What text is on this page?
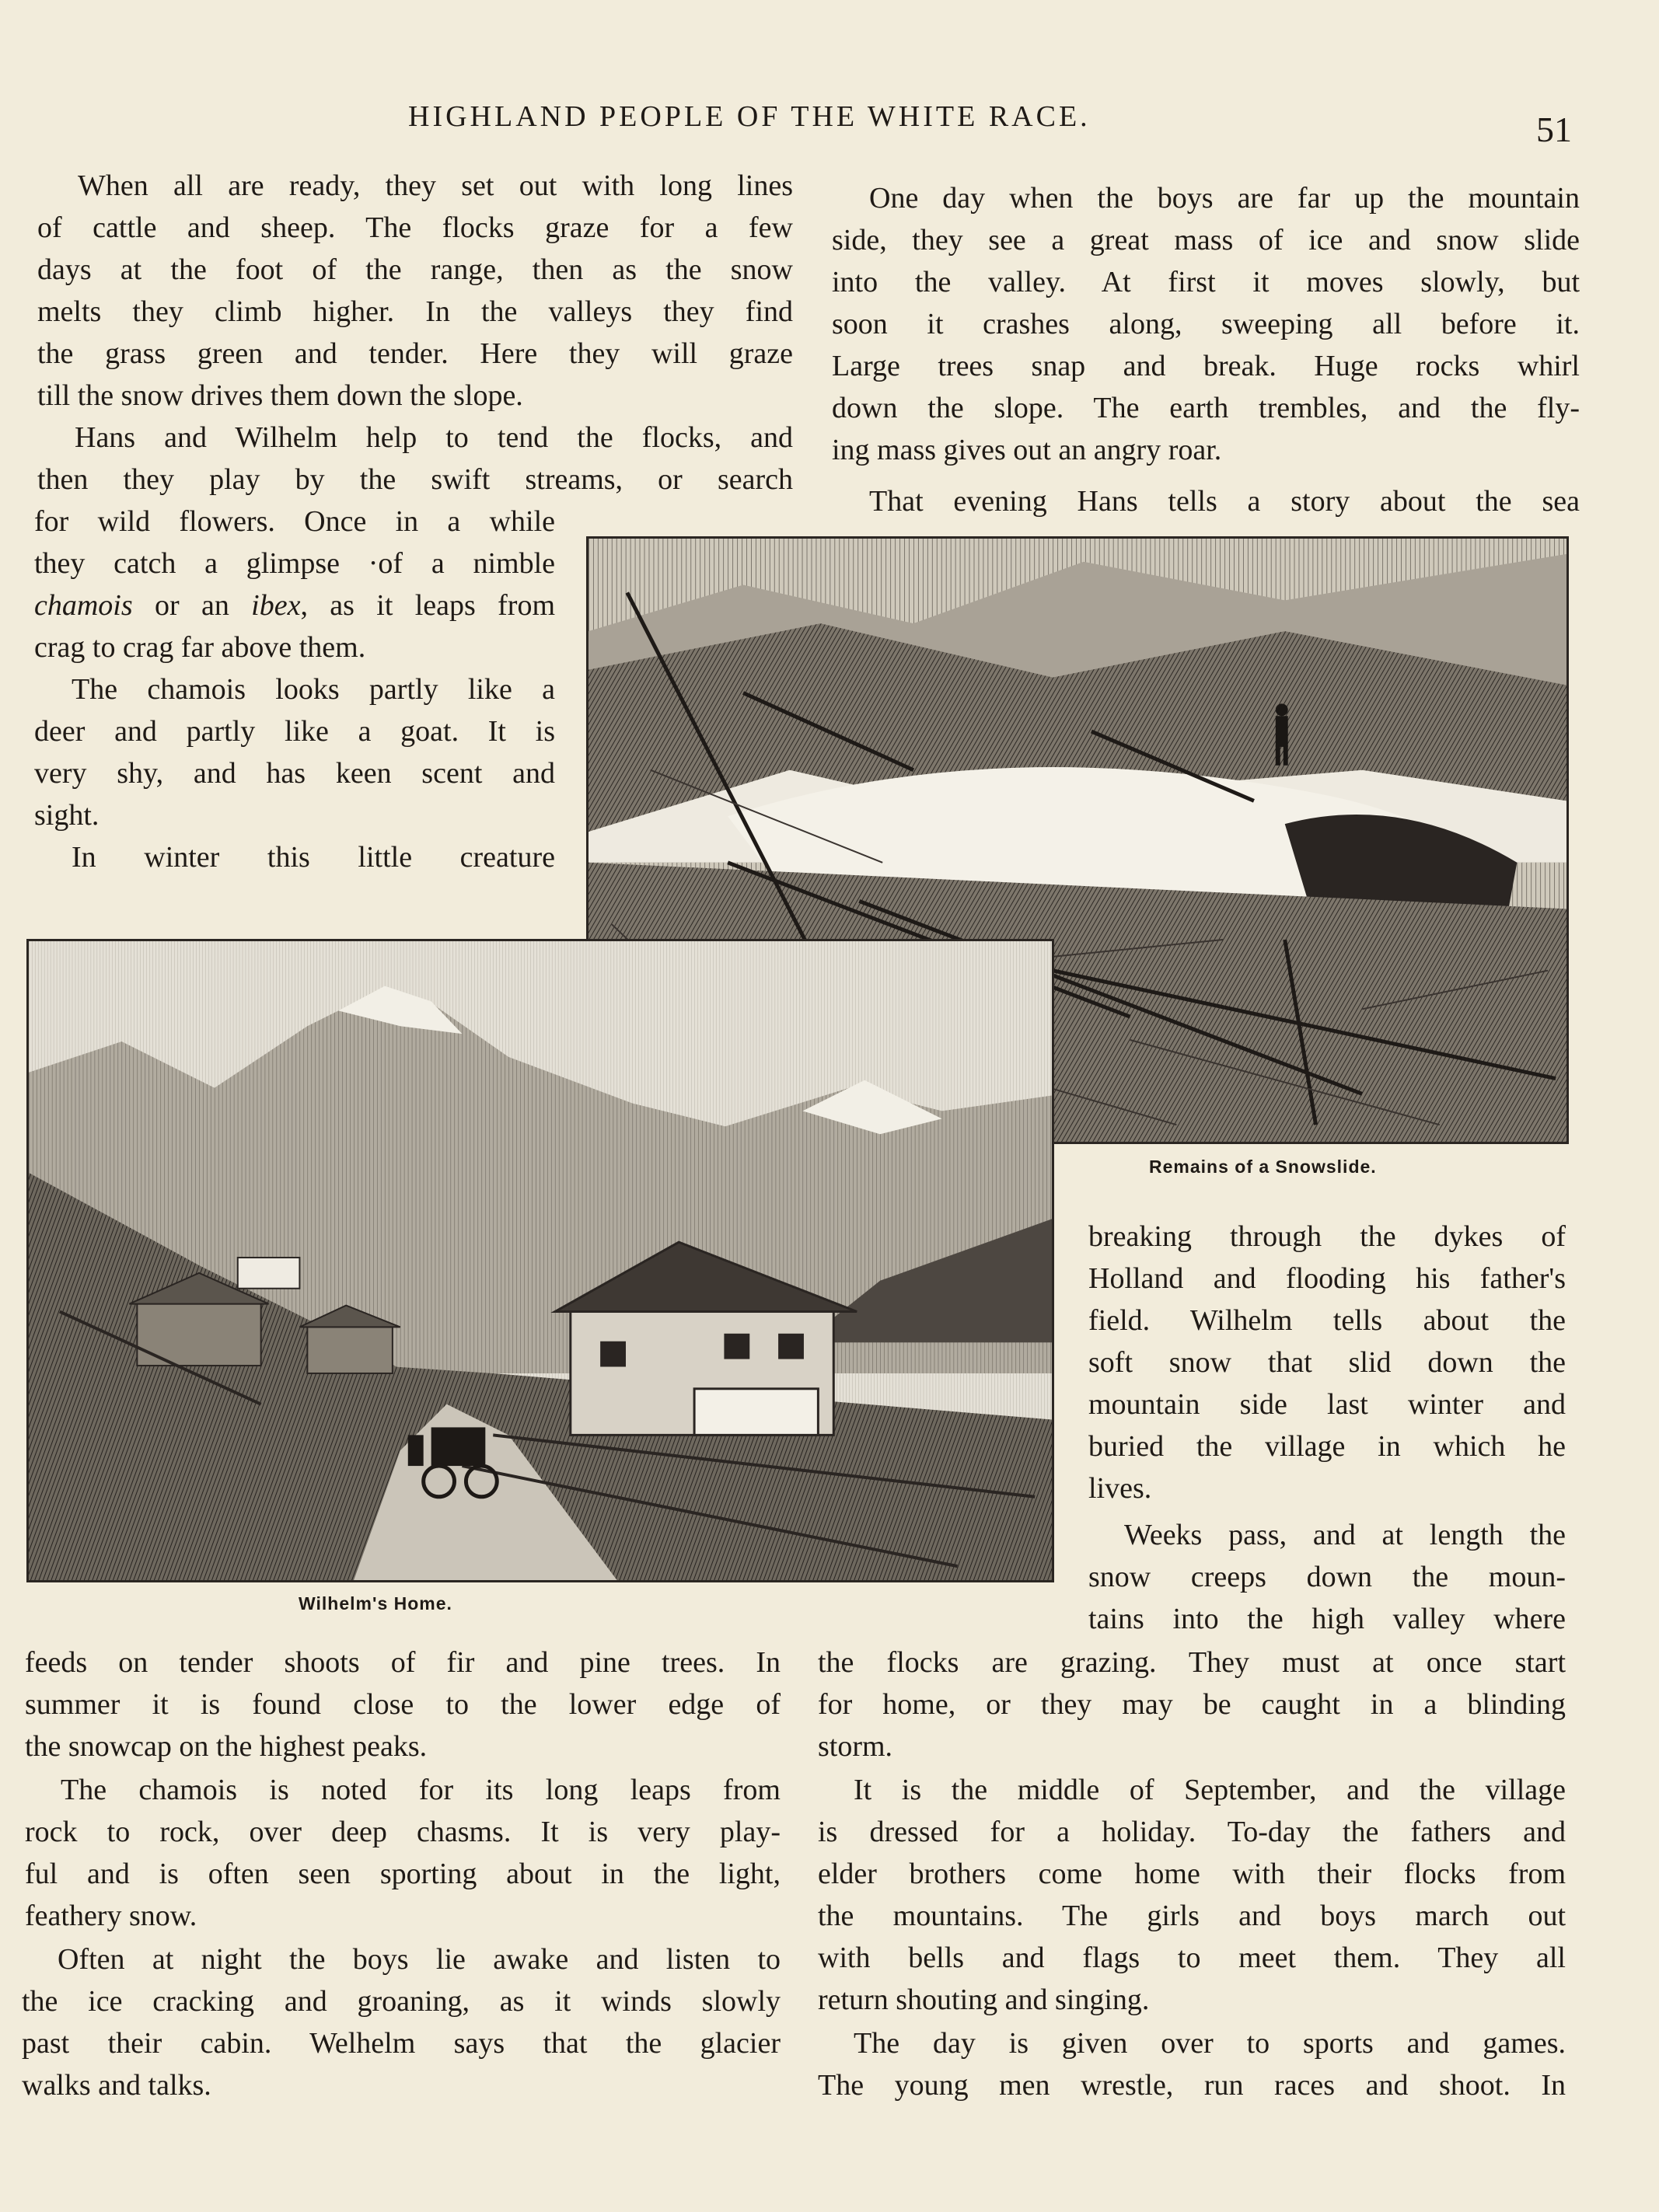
HIGHLAND PEOPLE OF THE WHITE RACE.	51
When all are ready, they set out with long lines
of cattle and sheep. The flocks graze for a few
days at the foot of the range, then as the snow
melts they climb higher. In the valleys they find
the grass green and tender. Here they will graze
till the snow drives them down the slope.
Hans and Wilhelm help to tend the flocks, and
then they play by the swift streams, or search
for wild flowers. Once in a while
they catch a glimpse ·of a nimble
chamois or an ibex, as it leaps from
crag to crag far above them.
The chamois looks partly like a
deer and partly like a goat. It is
very shy, and has keen scent and
sight.
In winter this little creature
One day when the boys are far up the mountain
side, they see a great mass of ice and snow slide
into the valley. At first it moves slowly, but
soon it crashes along, sweeping all before it.
Large trees snap and break. Huge rocks whirl
down the slope. The earth trembles, and the fly-
ing mass gives out an angry roar.
That evening Hans tells a story about the sea
Remains of a Snowslide.
Wilhelm's Home.
breaking through the dykes of
Holland and flooding his father's
field. Wilhelm tells about the
soft snow that slid down the
mountain side last winter and
buried the village in which he
lives.
Weeks pass, and at length the
snow creeps down the moun-
tains into the high valley where
feeds on tender shoots of fir and pine trees. In
summer it is found close to the lower edge of
the snowcap on the highest peaks.
The chamois is noted for its long leaps from
rock to rock, over deep chasms. It is very play-
ful and is often seen sporting about in the light,
feathery snow.
Often at night the boys lie awake and listen to
the ice cracking and groaning, as it winds slowly
past their cabin. Welhelm says that the glacier
walks and talks.
the flocks are grazing. They must at once start
for home, or they may be caught in a blinding
storm.
It is the middle of September, and the village
is dressed for a holiday. To-day the fathers and
elder brothers come home with their flocks from
the mountains. The girls and boys march out
with bells and flags to meet them. They all
return shouting and singing.
The day is given over to sports and games.
The young men wrestle, run races and shoot. In
